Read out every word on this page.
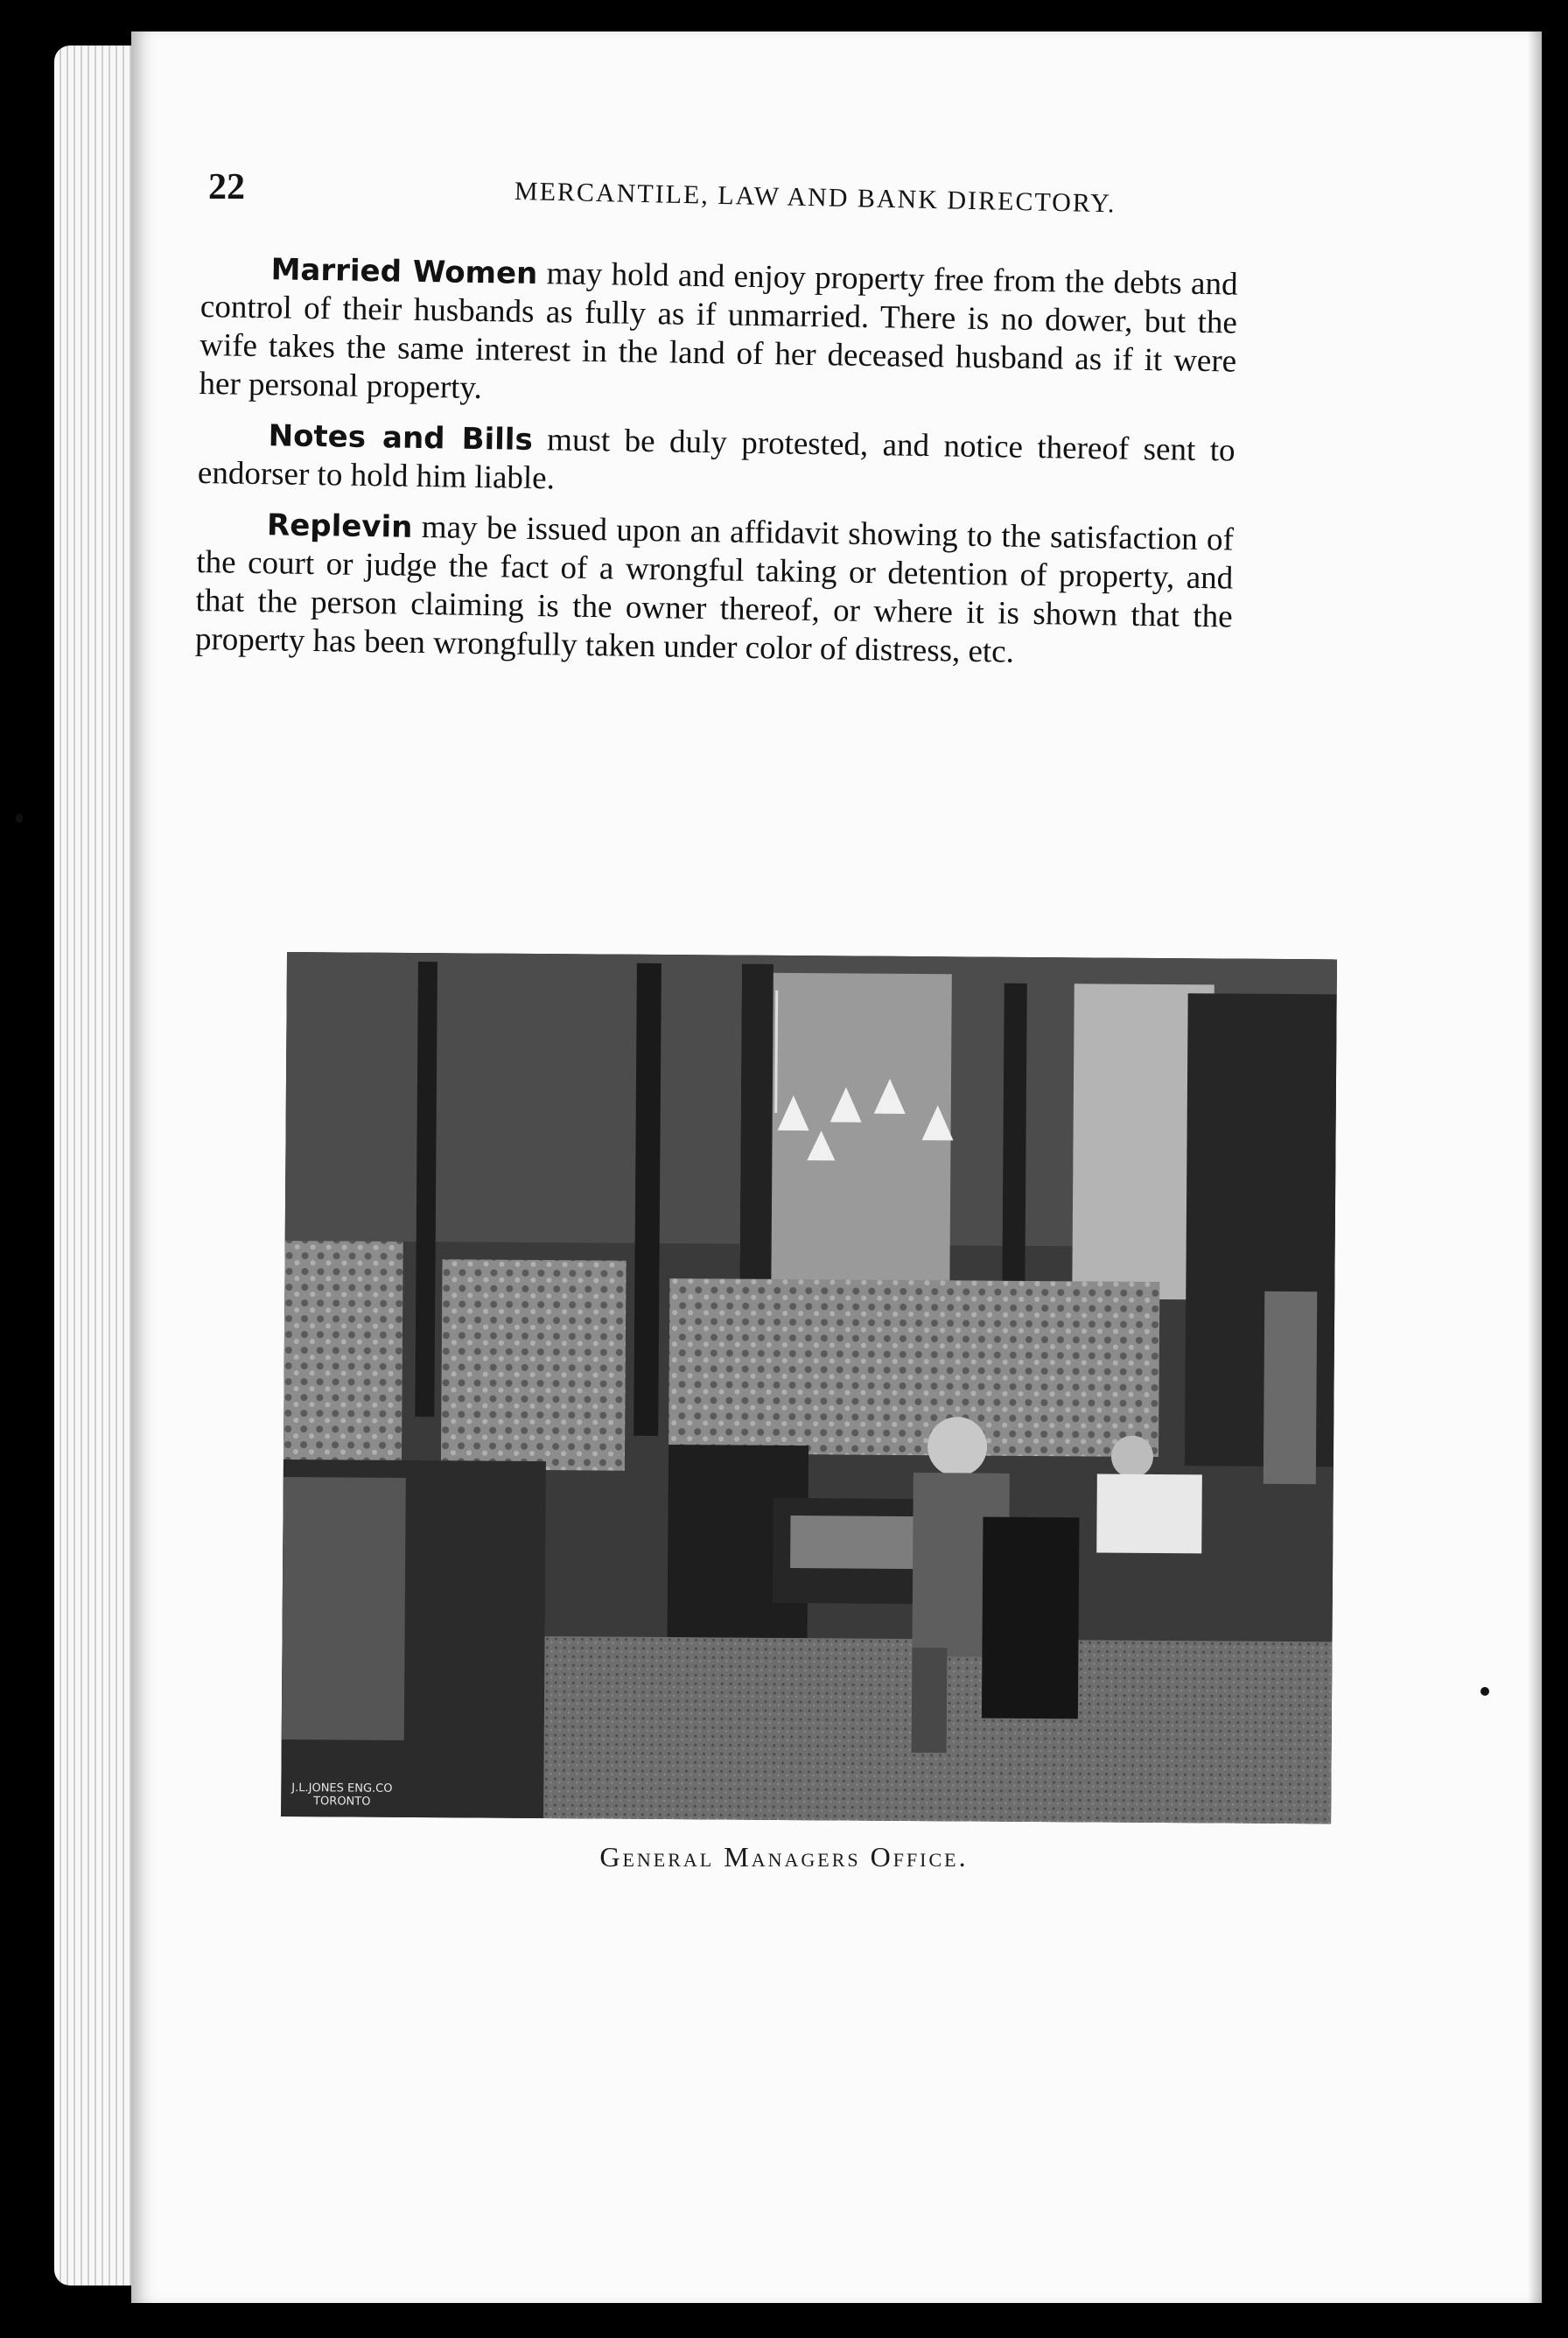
22	MERCANTILE, LAW AND BANK DIRECTORY.

Married Women may hold and enjoy property free from the debts and control of their husbands as fully as if unmarried. There is no dower, but the wife takes the same interest in the land of her deceased husband as if it were her personal property.

Notes and Bills must be duly protested, and notice thereof sent to endorser to hold him liable.

Replevin may be issued upon an affidavit showing to the satisfaction of the court or judge the fact of a wrongful taking or detention of property, and that the person claiming is the owner thereof, or where it is shown that the property has been wrongfully taken under color of distress, etc.

J.L.JONES ENG.CO
TORONTO
General Managers Office.
